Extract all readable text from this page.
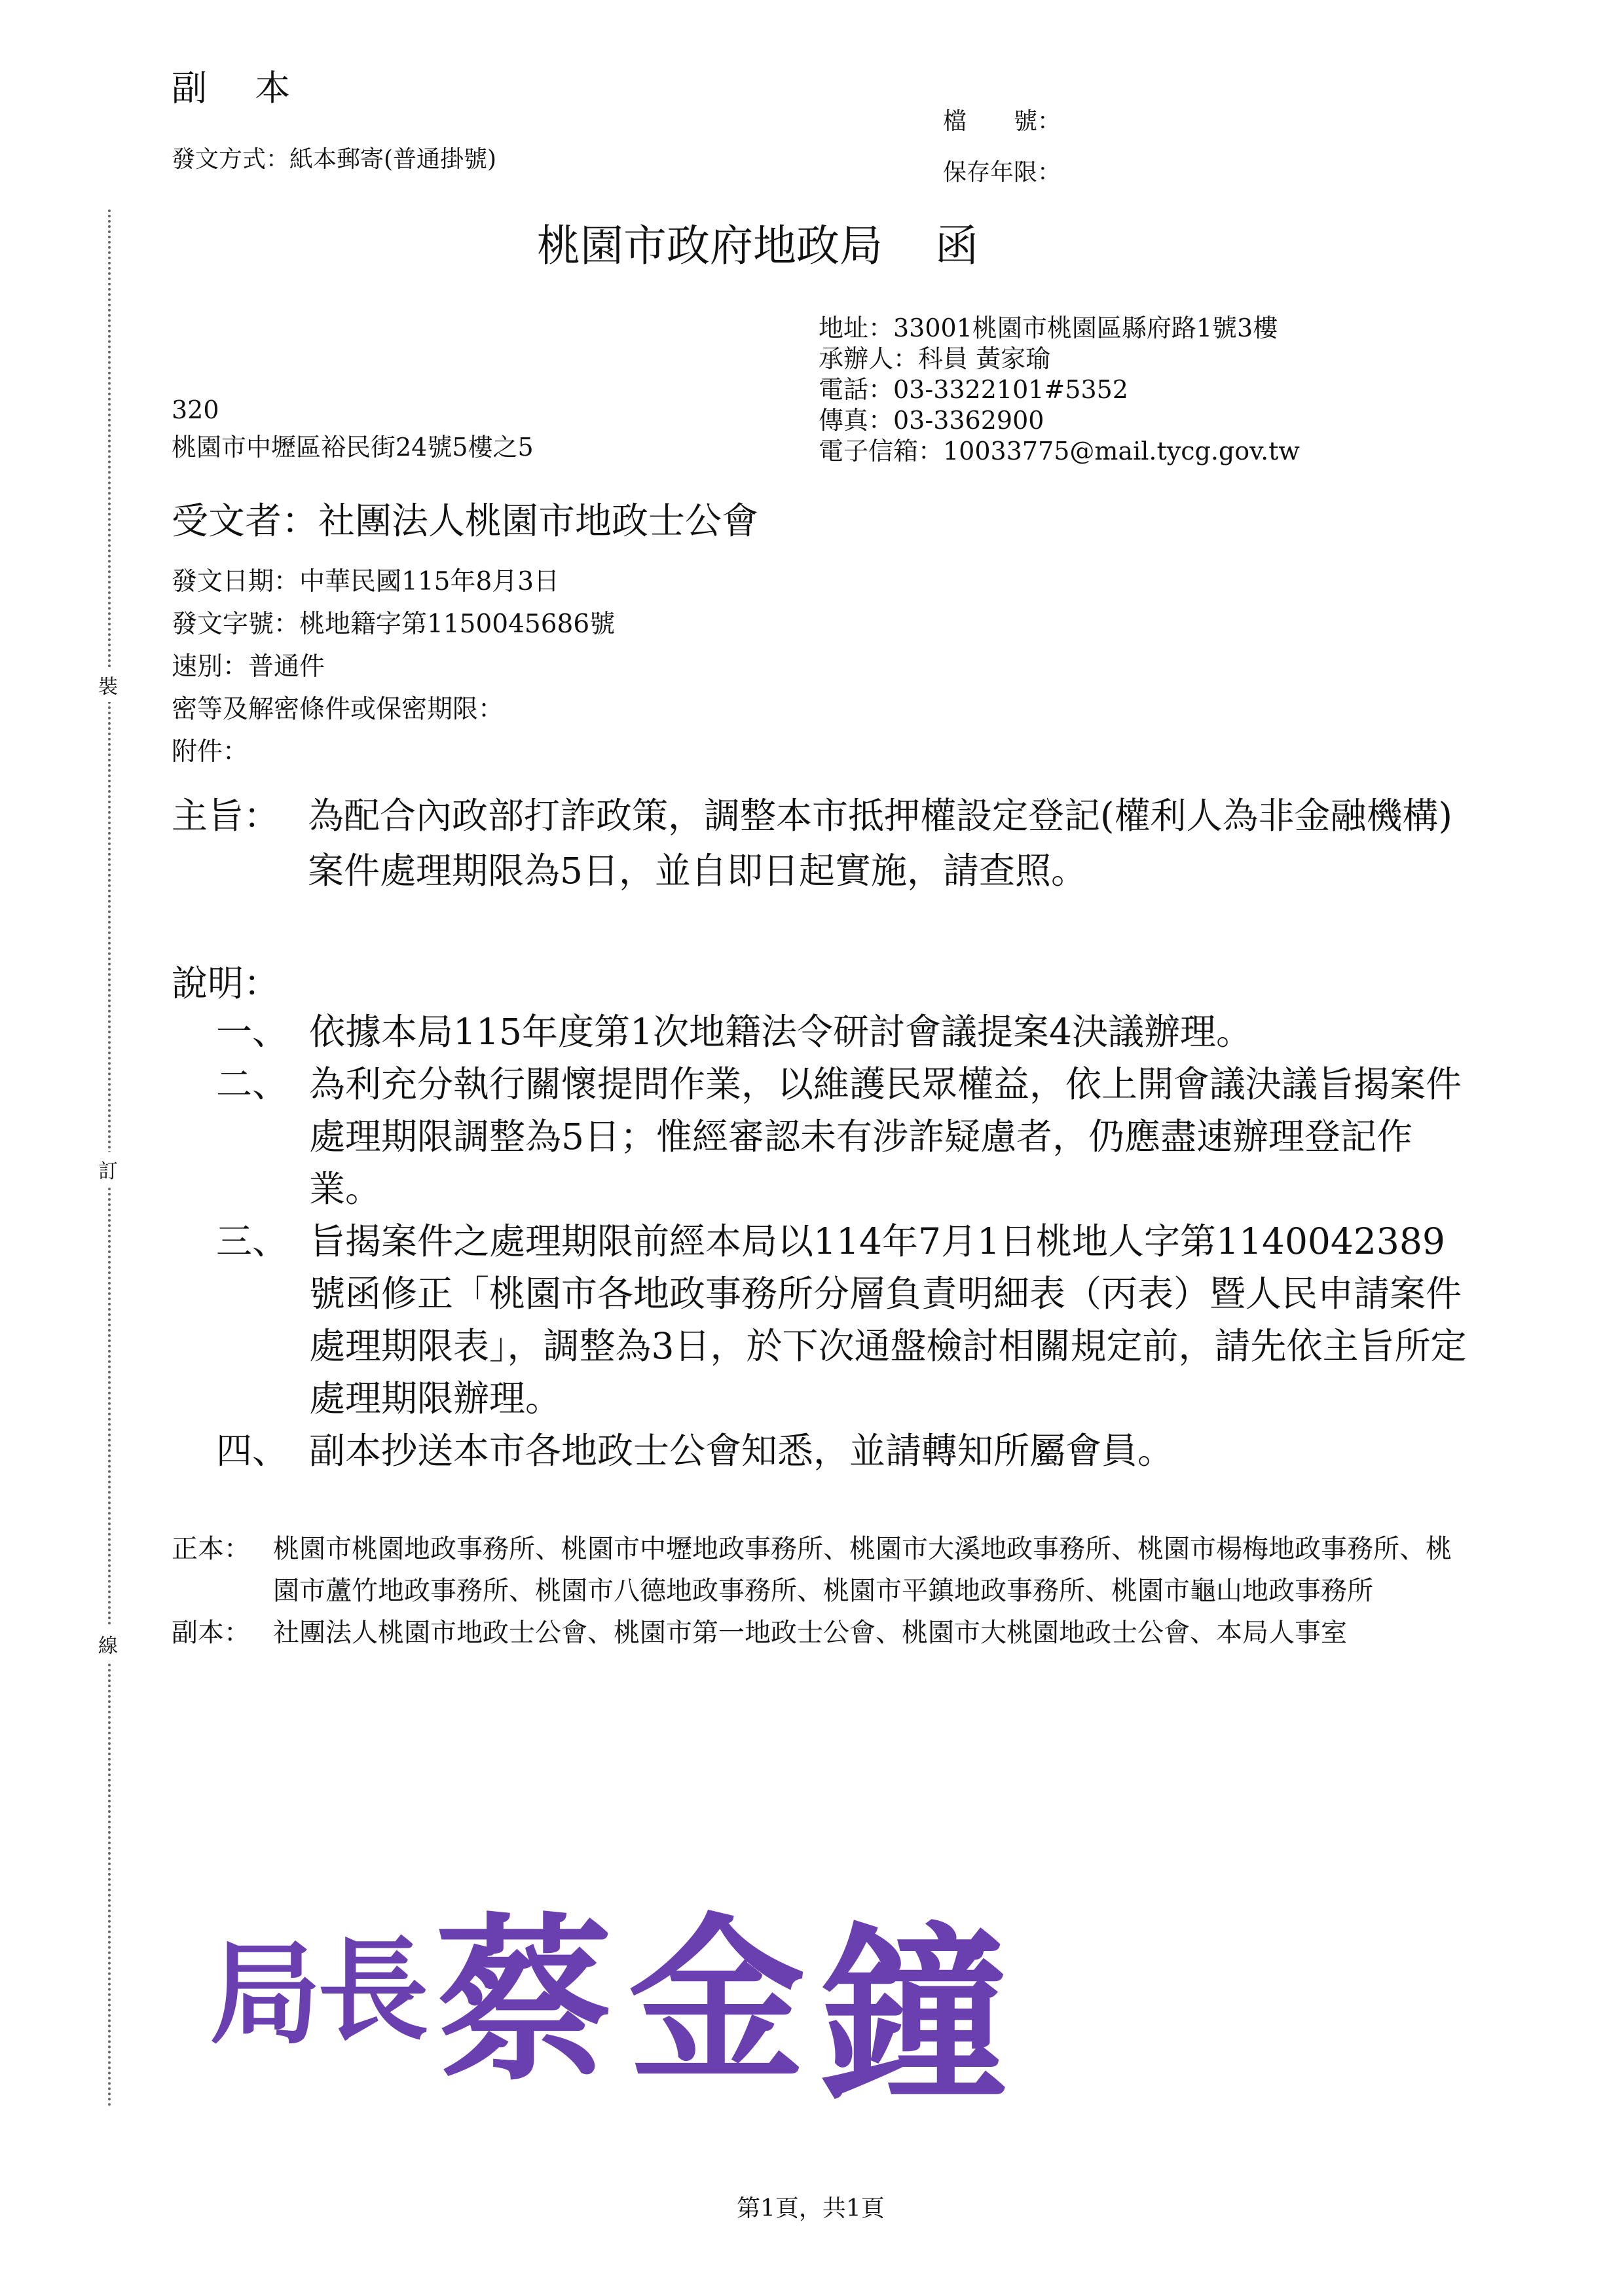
裝
訂
線
副 本
發文方式：紙本郵寄(普通掛號)
檔　　號：
保存年限：
桃園市政府地政局 函
地址：33001桃園市桃園區縣府路1號3樓
承辦人：科員 黃家瑜
電話：03-3322101#5352
傳真：03-3362900
電子信箱：10033775@mail.tycg.gov.tw
320
桃園市中壢區裕民街24號5樓之5
受文者：社團法人桃園市地政士公會
發文日期：中華民國115年8月3日
發文字號：桃地籍字第1150045686號
速別：普通件
密等及解密條件或保密期限：
附件：
主旨： 為配合內政部打詐政策，調整本市抵押權設定登記(權利人為非金融機構)案件處理期限為5日，並自即日起實施，請查照。
說明：
一、 依據本局115年度第1次地籍法令研討會議提案4決議辦理。
二、 為利充分執行關懷提問作業，以維護民眾權益，依上開會議決議旨揭案件處理期限調整為5日；惟經審認未有涉詐疑慮者，仍應盡速辦理登記作業。
三、 旨揭案件之處理期限前經本局以114年7月1日桃地人字第1140042389號函修正「桃園市各地政事務所分層負責明細表（丙表）暨人民申請案件處理期限表」，調整為3日，於下次通盤檢討相關規定前，請先依主旨所定處理期限辦理。
四、 副本抄送本市各地政士公會知悉，並請轉知所屬會員。
正本： 桃園市桃園地政事務所、桃園市中壢地政事務所、桃園市大溪地政事務所、桃園市楊梅地政事務所、桃園市蘆竹地政事務所、桃園市八德地政事務所、桃園市平鎮地政事務所、桃園市龜山地政事務所
副本： 社團法人桃園市地政士公會、桃園市第一地政士公會、桃園市大桃園地政士公會、本局人事室
局
長 蔡 金 鐘
第1頁，共1頁
